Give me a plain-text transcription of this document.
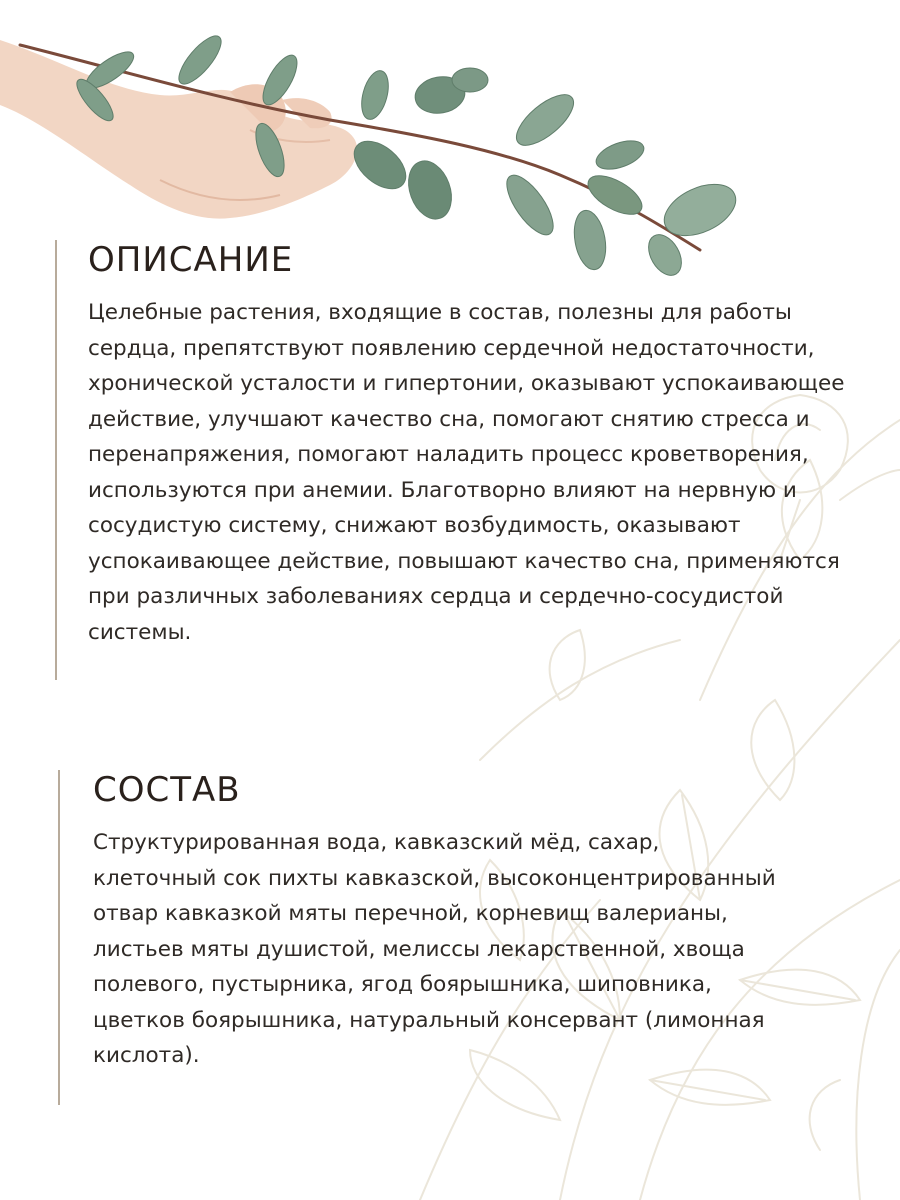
ОПИСАНИЕ

Целебные растения, входящие в состав, полезны для работы сердца, препятствуют появлению сердечной недостаточности, хронической усталости и гипертонии, оказывают успокаивающее действие, улучшают качество сна, помогают снятию стресса и перенапряжения, помогают наладить процесс кроветворения, используются при анемии. Благотворно влияют на нервную и сосудистую систему, снижают возбудимость, оказывают успокаивающее действие, повышают качество сна, применяются при различных заболеваниях сердца и сердечно-сосудистой системы.

СОСТАВ

Структурированная вода, кавказский мёд, сахар, клеточный сок пихты кавказской, высоконцентрированный отвар кавказкой мяты перечной, корневищ валерианы, листьев мяты душистой, мелиссы лекарственной, хвоща полевого, пустырника, ягод боярышника, шиповника, цветков боярышника, натуральный консервант (лимонная кислота).
